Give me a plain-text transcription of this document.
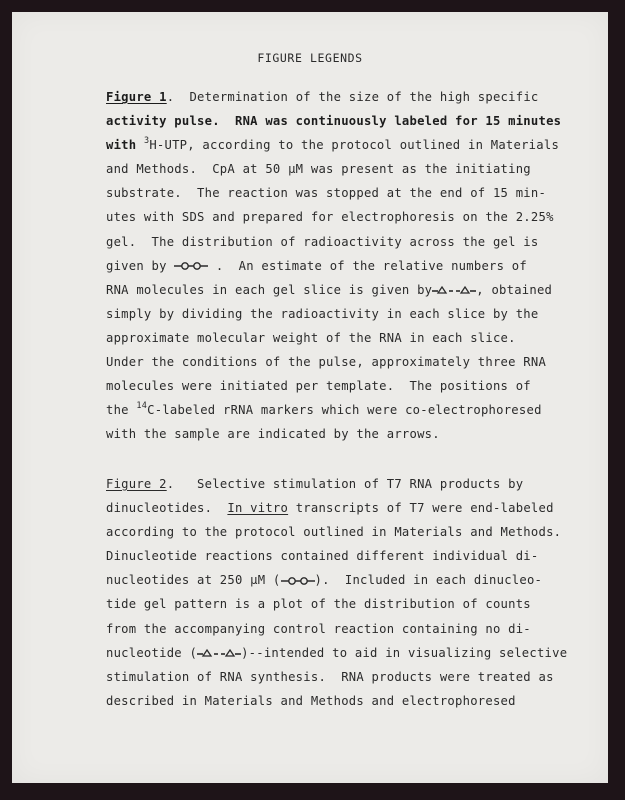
FIGURE LEGENDS
Figure 1.  Determination of the size of the high specific
activity pulse.  RNA was continuously labeled for 15 minutes
with $^3$H-UTP, according to the protocol outlined in Materials
and Methods.  CpA at 50 μM was present as the initiating
substrate.  The reaction was stopped at the end of 15 min-
utes with SDS and prepared for electrophoresis on the 2.25%
gel.  The distribution of radioactivity across the gel is
given by	.  An estimate of the relative numbers of
RNA molecules in each gel slice is given by	, obtained
simply by dividing the radioactivity in each slice by the
approximate molecular weight of the RNA in each slice.
Under the conditions of the pulse, approximately three RNA
molecules were initiated per template.  The positions of
the $^{14}$C-labeled rRNA markers which were co-electrophoresed
with the sample are indicated by the arrows.
Figure 2.   Selective stimulation of T7 RNA products by
dinucleotides.  In vitro transcripts of T7 were end-labeled
according to the protocol outlined in Materials and Methods.
Dinucleotide reactions contained different individual di-
nucleotides at 250 μM (	).  Included in each dinucleo-
tide gel pattern is a plot of the distribution of counts
from the accompanying control reaction containing no di-
nucleotide (	)--intended to aid in visualizing selective
stimulation of RNA synthesis.  RNA products were treated as
described in Materials and Methods and electrophoresed
